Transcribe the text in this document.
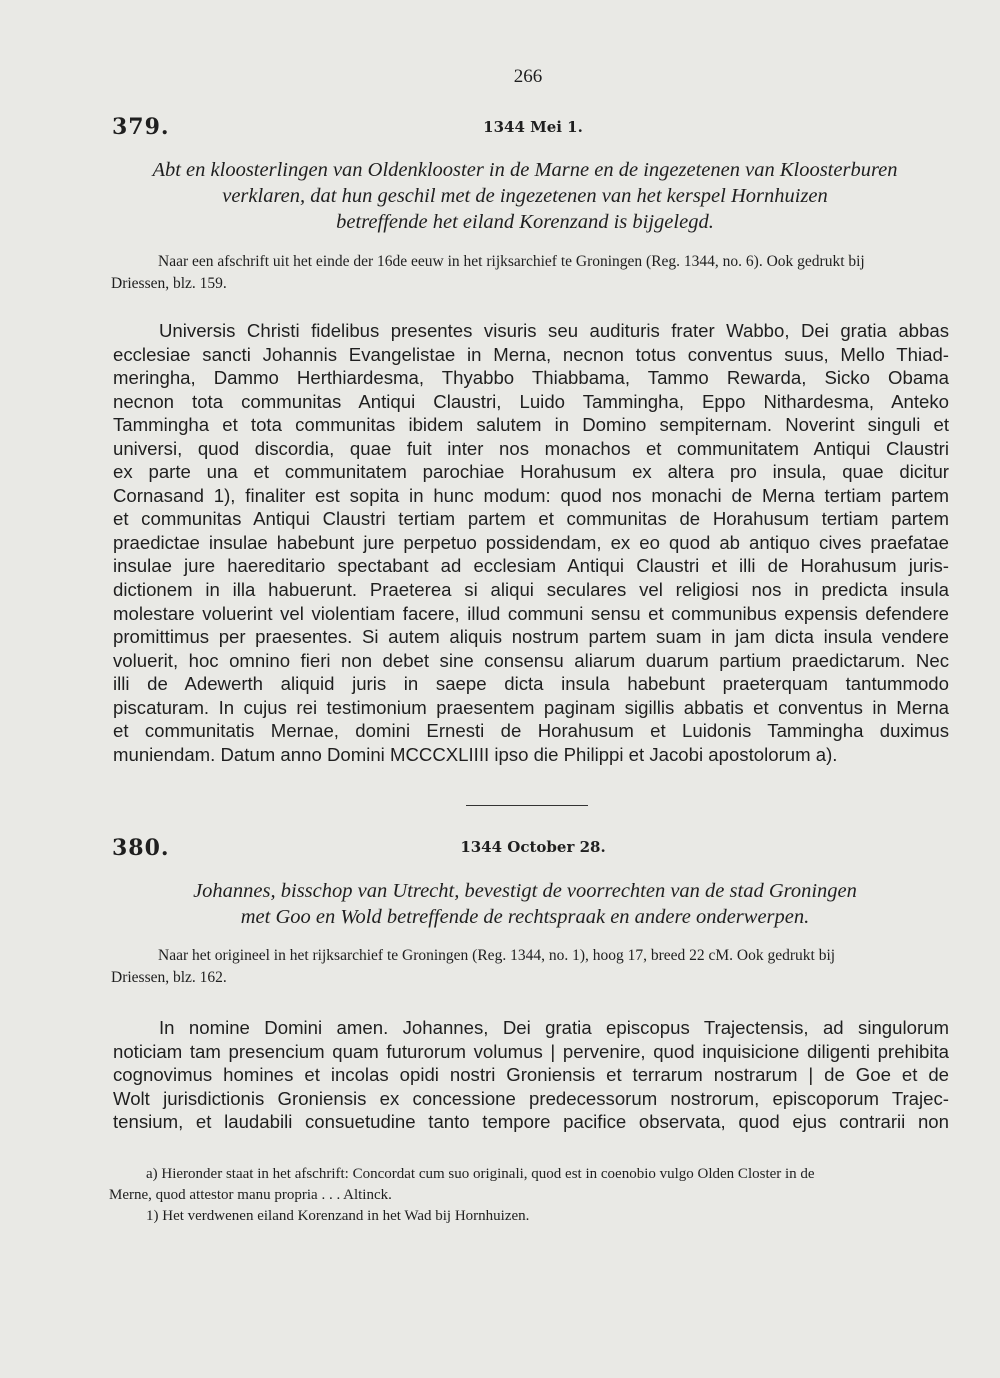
266
379.	1344 Mei 1.
Abt en kloosterlingen van Oldenklooster in de Marne en de ingezetenen van Kloosterburen
verklaren, dat hun geschil met de ingezetenen van het kerspel Hornhuizen
betreffende het eiland Korenzand is bijgelegd.
Naar een afschrift uit het einde der 16de eeuw in het rijksarchief te Groningen (Reg. 1344, no. 6). Ook gedrukt bij
Driessen, blz. 159.
Universis Christi fidelibus presentes visuris seu audituris frater Wabbo, Dei gratia abbas
ecclesiae sancti Johannis Evangelistae in Merna, necnon totus conventus suus, Mello Thiad-
meringha, Dammo Herthiardesma, Thyabbo Thiabbama, Tammo Rewarda, Sicko Obama
necnon tota communitas Antiqui Claustri, Luido Tammingha, Eppo Nithardesma, Anteko
Tammingha et tota communitas ibidem salutem in Domino sempiternam. Noverint singuli et
universi, quod discordia, quae fuit inter nos monachos et communitatem Antiqui Claustri
ex parte una et communitatem parochiae Horahusum ex altera pro insula, quae dicitur
Cornasand 1), finaliter est sopita in hunc modum: quod nos monachi de Merna tertiam partem
et communitas Antiqui Claustri tertiam partem et communitas de Horahusum tertiam partem
praedictae insulae habebunt jure perpetuo possidendam, ex eo quod ab antiquo cives praefatae
insulae jure haereditario spectabant ad ecclesiam Antiqui Claustri et illi de Horahusum juris-
dictionem in illa habuerunt. Praeterea si aliqui seculares vel religiosi nos in predicta insula
molestare voluerint vel violentiam facere, illud communi sensu et communibus expensis defendere
promittimus per praesentes. Si autem aliquis nostrum partem suam in jam dicta insula vendere
voluerit, hoc omnino fieri non debet sine consensu aliarum duarum partium praedictarum. Nec
illi de Adewerth aliquid juris in saepe dicta insula habebunt praeterquam tantummodo
piscaturam. In cujus rei testimonium praesentem paginam sigillis abbatis et conventus in Merna
et communitatis Mernae, domini Ernesti de Horahusum et Luidonis Tammingha duximus
muniendam. Datum anno Domini MCCCXLIIII ipso die Philippi et Jacobi apostolorum a).
380.	1344 October 28.
Johannes, bisschop van Utrecht, bevestigt de voorrechten van de stad Groningen
met Goo en Wold betreffende de rechtspraak en andere onderwerpen.
Naar het origineel in het rijksarchief te Groningen (Reg. 1344, no. 1), hoog 17, breed 22 cM. Ook gedrukt bij
Driessen, blz. 162.
In nomine Domini amen. Johannes, Dei gratia episcopus Trajectensis, ad singulorum
noticiam tam presencium quam futurorum volumus | pervenire, quod inquisicione diligenti prehibita
cognovimus homines et incolas opidi nostri Groniensis et terrarum nostrarum | de Goe et de
Wolt jurisdictionis Groniensis ex concessione predecessorum nostrorum, episcoporum Trajec-
tensium, et laudabili consuetudine tanto tempore pacifice observata, quod ejus contrarii non
a) Hieronder staat in het afschrift: Concordat cum suo originali, quod est in coenobio vulgo Olden Closter in de
Merne, quod attestor manu propria . . . Altinck.
1) Het verdwenen eiland Korenzand in het Wad bij Hornhuizen.
